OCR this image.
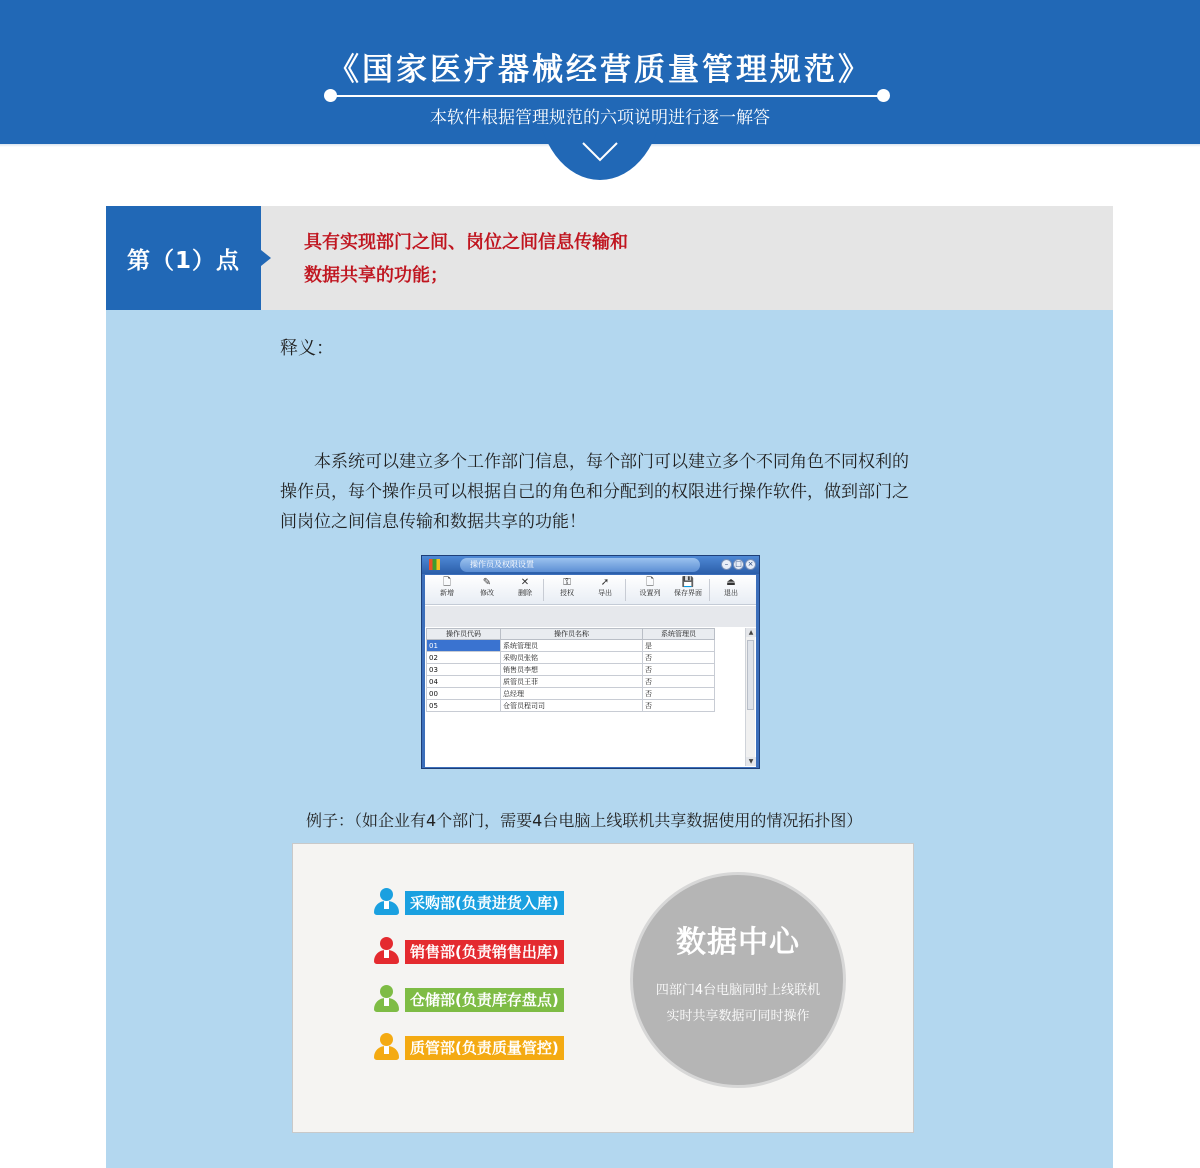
《国家医疗器械经营质量管理规范》
本软件根据管理规范的六项说明进行逐一解答
第（1）点
具有实现部门之间、岗位之间信息传输和
数据共享的功能；
释义：
　　本系统可以建立多个工作部门信息，每个部门可以建立多个不同角色不同权利的操作员，每个操作员可以根据自己的角色和分配到的权限进行操作软件，做到部门之间岗位之间信息传输和数据共享的功能！
操作员及权限设置	– □ ×
🗋
新增
✎
修改
✕
删除
⚿
授权
➚
导出
🗋
设置列
💾
保存界面
⏏
退出
操作员代码	操作员名称	系统管理员
01	系统管理员	是
02	采购员张铭	否
03	销售员李想	否
04	质管员王菲	否
00	总经理	否
05	仓管员程司司	否
▲
▼
例子：（如企业有4个部门，需要4台电脑上线联机共享数据使用的情况拓扑图）
采购部(负责进货入库)
销售部(负责销售出库)
仓储部(负责库存盘点)
质管部(负责质量管控)
数据中心
四部门4台电脑同时上线联机
实时共享数据可同时操作
